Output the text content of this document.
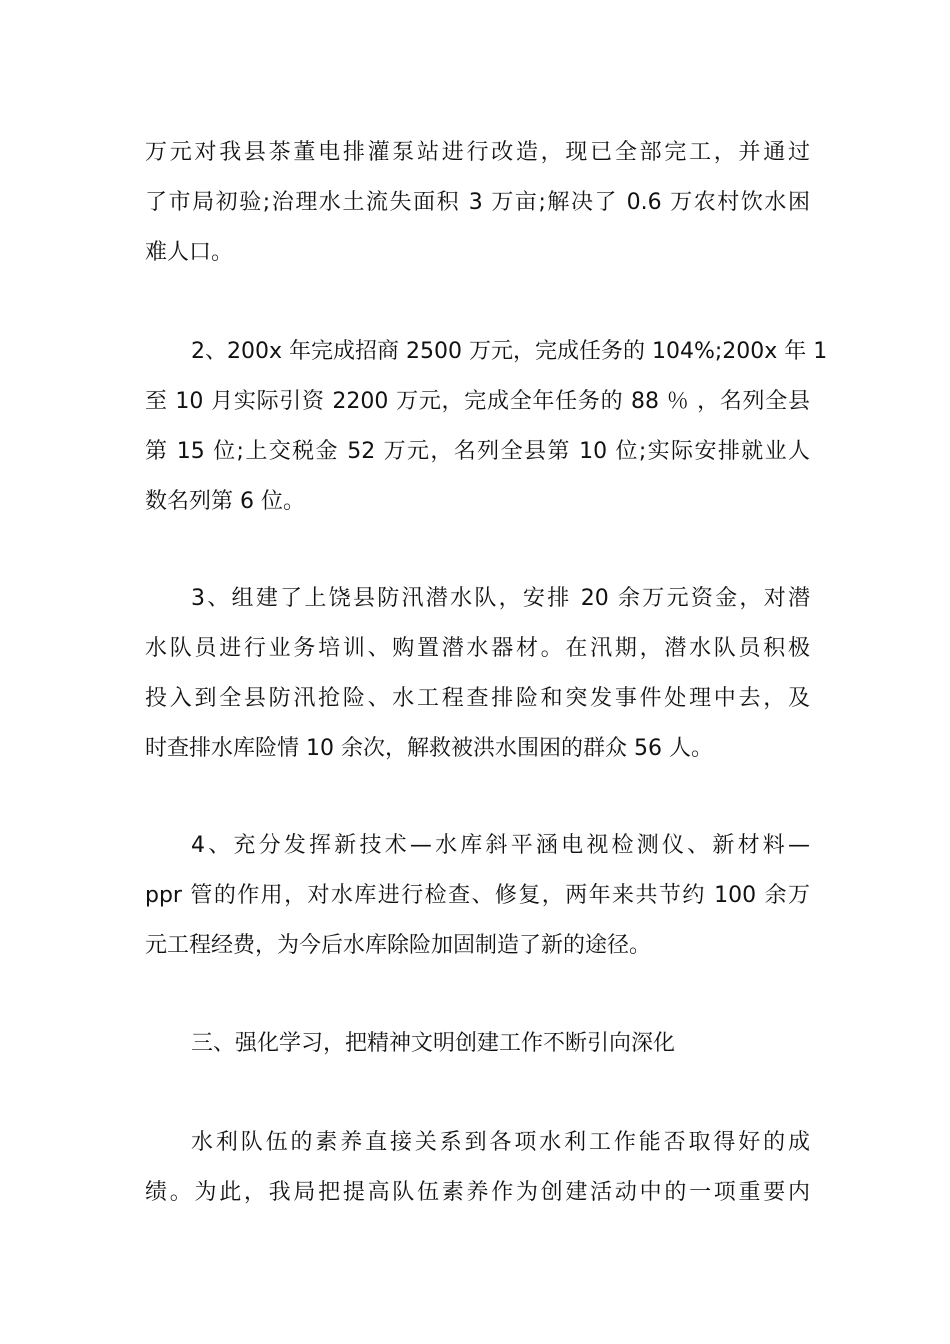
万元对我县茶董电排灌泵站进行改造，现已全部完工，并通过
了市局初验;治理水土流失面积 3 万亩;解决了 0.6 万农村饮水困
难人口。
2、200x 年完成招商 2500 万元，完成任务的 104%;200x 年 1
至 10 月实际引资 2200 万元，完成全年任务的 88 ％ ，名列全县
第 15 位;上交税金 52 万元，名列全县第 10 位;实际安排就业人
数名列第 6 位。
3、组建了上饶县防汛潜水队，安排 20 余万元资金，对潜
水队员进行业务培训、购置潜水器材。在汛期，潜水队员积极
投入到全县防汛抢险、水工程查排险和突发事件处理中去，及
时查排水库险情 10 余次，解救被洪水围困的群众 56 人。
4、充分发挥新技术—水库斜平涵电视检测仪、新材料—
ppr 管的作用，对水库进行检查、修复，两年来共节约 100 余万
元工程经费，为今后水库除险加固制造了新的途径。
三、强化学习，把精神文明创建工作不断引向深化
水利队伍的素养直接关系到各项水利工作能否取得好的成
绩。为此，我局把提高队伍素养作为创建活动中的一项重要内
